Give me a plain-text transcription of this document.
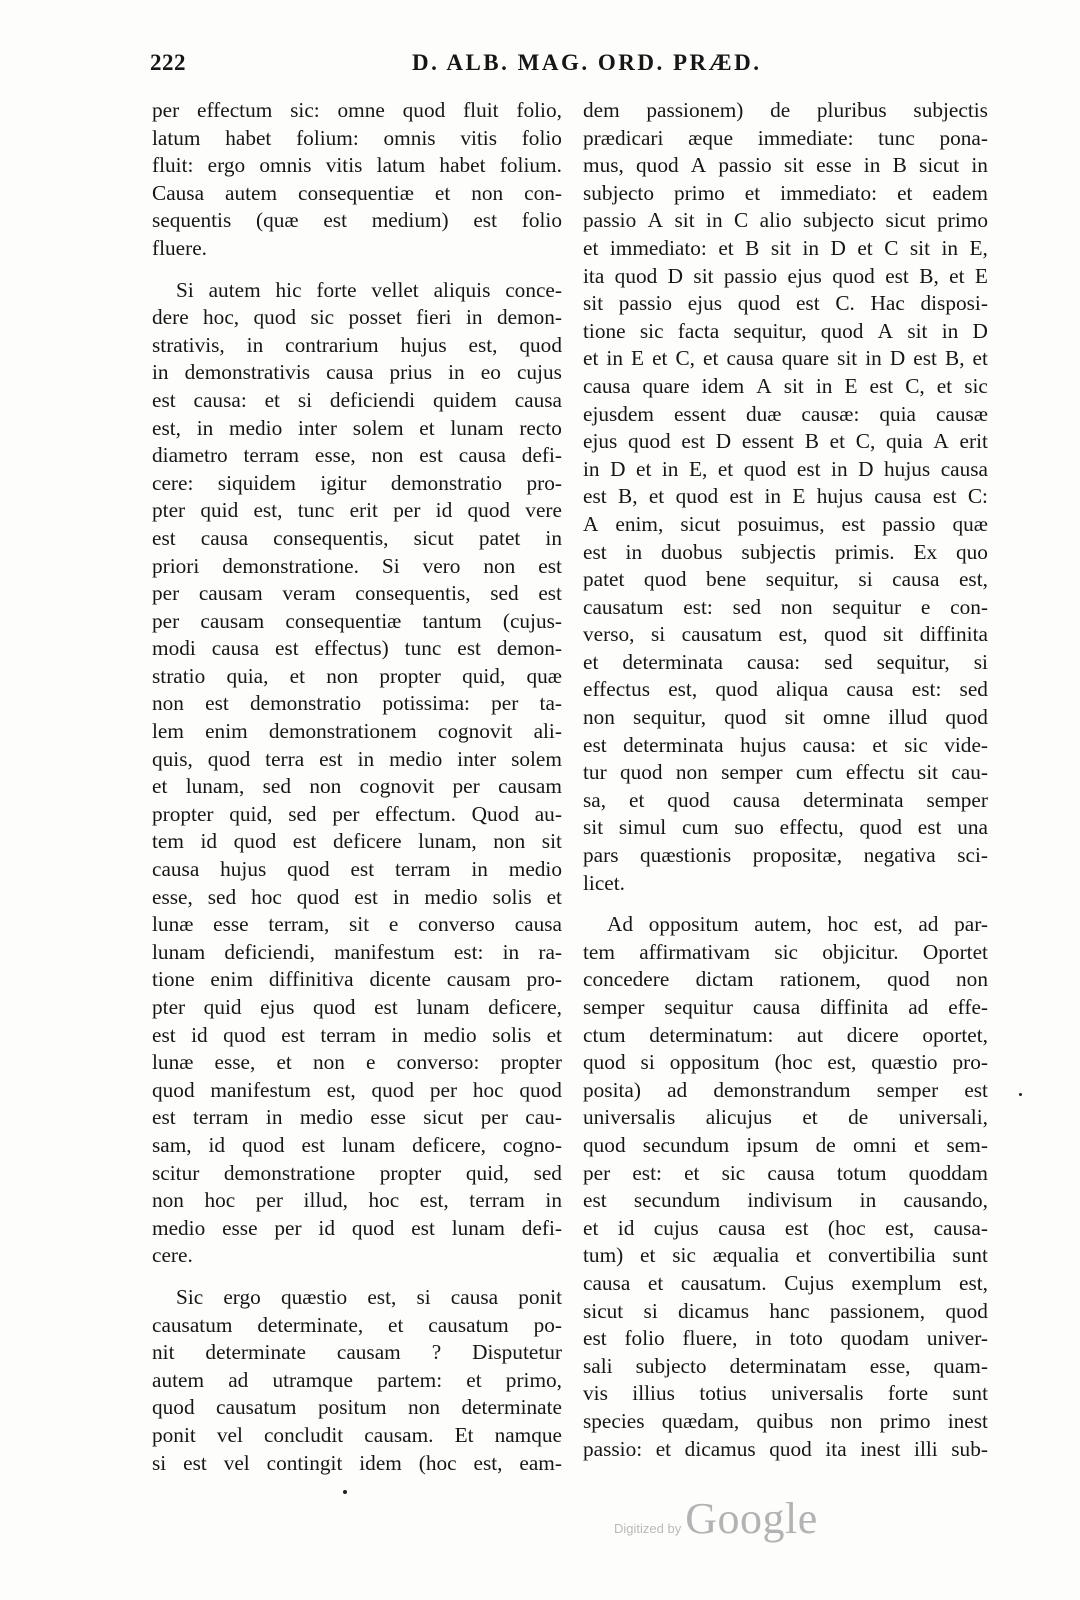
222	D. ALB. MAG. ORD. PRÆD.
per effectum sic: omne quod fluit folio,
latum habet folium: omnis vitis folio
fluit: ergo omnis vitis latum habet folium.
Causa autem consequentiæ et non con-
sequentis (quæ est medium) est folio
fluere.
Si autem hic forte vellet aliquis conce-
dere hoc, quod sic posset fieri in demon-
strativis, in contrarium hujus est, quod
in demonstrativis causa prius in eo cujus
est causa: et si deficiendi quidem causa
est, in medio inter solem et lunam recto
diametro terram esse, non est causa defi-
cere: siquidem igitur demonstratio pro-
pter quid est, tunc erit per id quod vere
est causa consequentis, sicut patet in
priori demonstratione. Si vero non est
per causam veram consequentis, sed est
per causam consequentiæ tantum (cujus-
modi causa est effectus) tunc est demon-
stratio quia, et non propter quid, quæ
non est demonstratio potissima: per ta-
lem enim demonstrationem cognovit ali-
quis, quod terra est in medio inter solem
et lunam, sed non cognovit per causam
propter quid, sed per effectum. Quod au-
tem id quod est deficere lunam, non sit
causa hujus quod est terram in medio
esse, sed hoc quod est in medio solis et
lunæ esse terram, sit e converso causa
lunam deficiendi, manifestum est: in ra-
tione enim diffinitiva dicente causam pro-
pter quid ejus quod est lunam deficere,
est id quod est terram in medio solis et
lunæ esse, et non e converso: propter
quod manifestum est, quod per hoc quod
est terram in medio esse sicut per cau-
sam, id quod est lunam deficere, cogno-
scitur demonstratione propter quid, sed
non hoc per illud, hoc est, terram in
medio esse per id quod est lunam defi-
cere.
Sic ergo quæstio est, si causa ponit
causatum determinate, et causatum po-
nit determinate causam ? Disputetur
autem ad utramque partem: et primo,
quod causatum positum non determinate
ponit vel concludit causam. Et namque
si est vel contingit idem (hoc est, eam-
dem passionem) de pluribus subjectis
prædicari æque immediate: tunc pona-
mus, quod A passio sit esse in B sicut in
subjecto primo et immediato: et eadem
passio A sit in C alio subjecto sicut primo
et immediato: et B sit in D et C sit in E,
ita quod D sit passio ejus quod est B, et E
sit passio ejus quod est C. Hac disposi-
tione sic facta sequitur, quod A sit in D
et in E et C, et causa quare sit in D est B, et
causa quare idem A sit in E est C, et sic
ejusdem essent duæ causæ: quia causæ
ejus quod est D essent B et C, quia A erit
in D et in E, et quod est in D hujus causa
est B, et quod est in E hujus causa est C:
A enim, sicut posuimus, est passio quæ
est in duobus subjectis primis. Ex quo
patet quod bene sequitur, si causa est,
causatum est: sed non sequitur e con-
verso, si causatum est, quod sit diffinita
et determinata causa: sed sequitur, si
effectus est, quod aliqua causa est: sed
non sequitur, quod sit omne illud quod
est determinata hujus causa: et sic vide-
tur quod non semper cum effectu sit cau-
sa, et quod causa determinata semper
sit simul cum suo effectu, quod est una
pars quæstionis propositæ, negativa sci-
licet.
Ad oppositum autem, hoc est, ad par-
tem affirmativam sic objicitur. Oportet
concedere dictam rationem, quod non
semper sequitur causa diffinita ad effe-
ctum determinatum: aut dicere oportet,
quod si oppositum (hoc est, quæstio pro-
posita) ad demonstrandum semper est
universalis alicujus et de universali,
quod secundum ipsum de omni et sem-
per est: et sic causa totum quoddam
est secundum indivisum in causando,
et id cujus causa est (hoc est, causa-
tum) et sic æqualia et convertibilia sunt
causa et causatum. Cujus exemplum est,
sicut si dicamus hanc passionem, quod
est folio fluere, in toto quodam univer-
sali subjecto determinatam esse, quam-
vis illius totius universalis forte sunt
species quædam, quibus non primo inest
passio: et dicamus quod ita inest illi sub-
Digitized by Google
